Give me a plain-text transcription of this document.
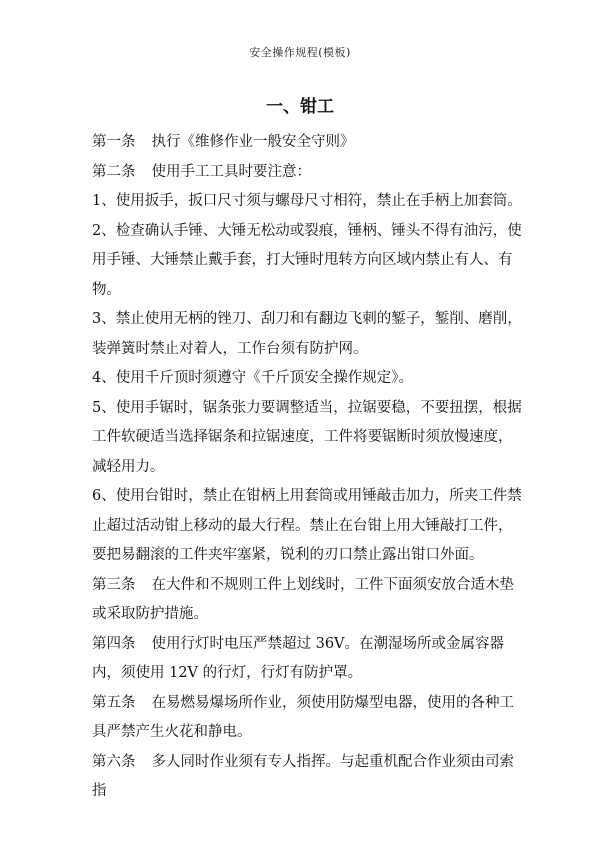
安全操作规程(模板)
一、钳工

第一条 执行《维修作业一般安全守则》

第二条 使用手工工具时要注意：

1、使用扳手，扳口尺寸须与螺母尺寸相符，禁止在手柄上加套筒。

2、检查确认手锤、大锤无松动或裂痕，锤柄、锤头不得有油污，使用手锤、大锤禁止戴手套，打大锤时甩转方向区域内禁止有人、有物。

3、禁止使用无柄的锉刀、刮刀和有翻边飞刺的錾子，錾削、磨削，装弹簧时禁止对着人，工作台须有防护网。

4、使用千斤顶时须遵守《千斤顶安全操作规定》。

5、使用手锯时，锯条张力要调整适当，拉锯要稳，不要扭摆，根据工件软硬适当选择锯条和拉锯速度，工件将要锯断时须放慢速度，减轻用力。

6、使用台钳时，禁止在钳柄上用套筒或用锤敲击加力，所夹工件禁止超过活动钳上移动的最大行程。禁止在台钳上用大锤敲打工件，要把易翻滚的工件夹牢塞紧，锐利的刃口禁止露出钳口外面。

第三条 在大件和不规则工件上划线时，工件下面须安放合适木垫或采取防护措施。

第四条 使用行灯时电压严禁超过 36V。在潮湿场所或金属容器内，须使用 12V 的行灯，行灯有防护罩。

第五条 在易燃易爆场所作业，须使用防爆型电器，使用的各种工具严禁产生火花和静电。

第六条 多人同时作业须有专人指挥。与起重机配合作业须由司索指
